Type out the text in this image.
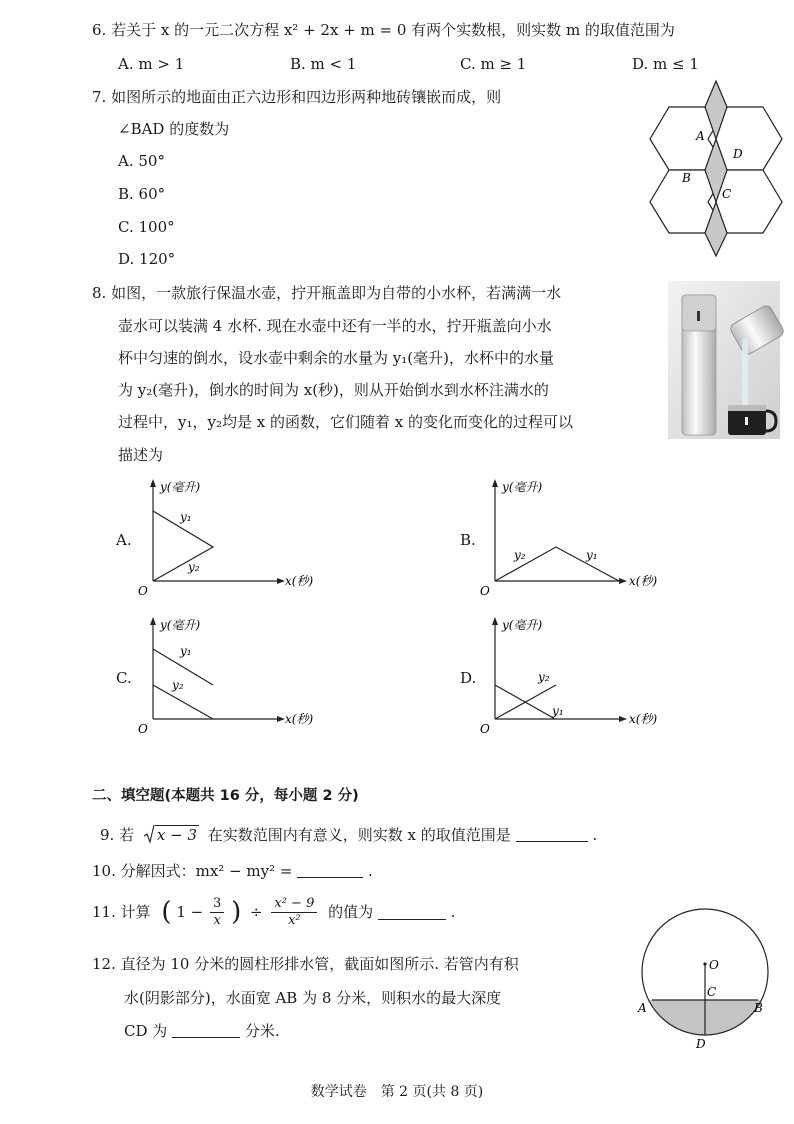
6. 若关于 x 的一元二次方程 x² + 2x + m = 0 有两个实数根，则实数 m 的取值范围为
A. m > 1	B. m < 1	C. m ≥ 1	D. m ≤ 1
7. 如图所示的地面由正六边形和四边形两种地砖镶嵌而成，则
∠BAD 的度数为
A. 50°
B. 60°
C. 100°
D. 120°
A
B
C
D
8. 如图，一款旅行保温水壶，拧开瓶盖即为自带的小水杯，若满满一水
壶水可以装满 4 水杯. 现在水壶中还有一半的水，拧开瓶盖向小水
杯中匀速的倒水，设水壶中剩余的水量为 y₁(毫升)，水杯中的水量
为 y₂(毫升)，倒水的时间为 x(秒)，则从开始倒水到水杯注满水的
过程中，y₁，y₂均是 x 的函数，它们随着 x 的变化而变化的过程可以
描述为
A.
y(毫升)
x(秒)
O
y₁
y₂
B.
y(毫升)
x(秒)
O
y₂	y₁
C.
y(毫升)
x(秒)
O
y₁
y₂	D.
y(毫升)
x(秒)
O
y₂
y₁
二、填空题(本题共 16 分，每小题 2 分)
9. 若 x − 3 在实数范围内有意义，则实数 x 的取值范围是	.
10. 分解因式：mx² − my² =	.
11. 计算 ( $1 - \frac{3}{x}$ ) ÷ $\frac{\text{x² − 9}}{\text{x²}}$ 的值为	.
12. 直径为 10 分米的圆柱形排水管，截面如图所示. 若管内有积
水(阴影部分)，水面宽 AB 为 8 分米，则积水的最大深度
CD 为	分米.
O
A	B
C
D
数学试卷　第 2 页(共 8 页)
